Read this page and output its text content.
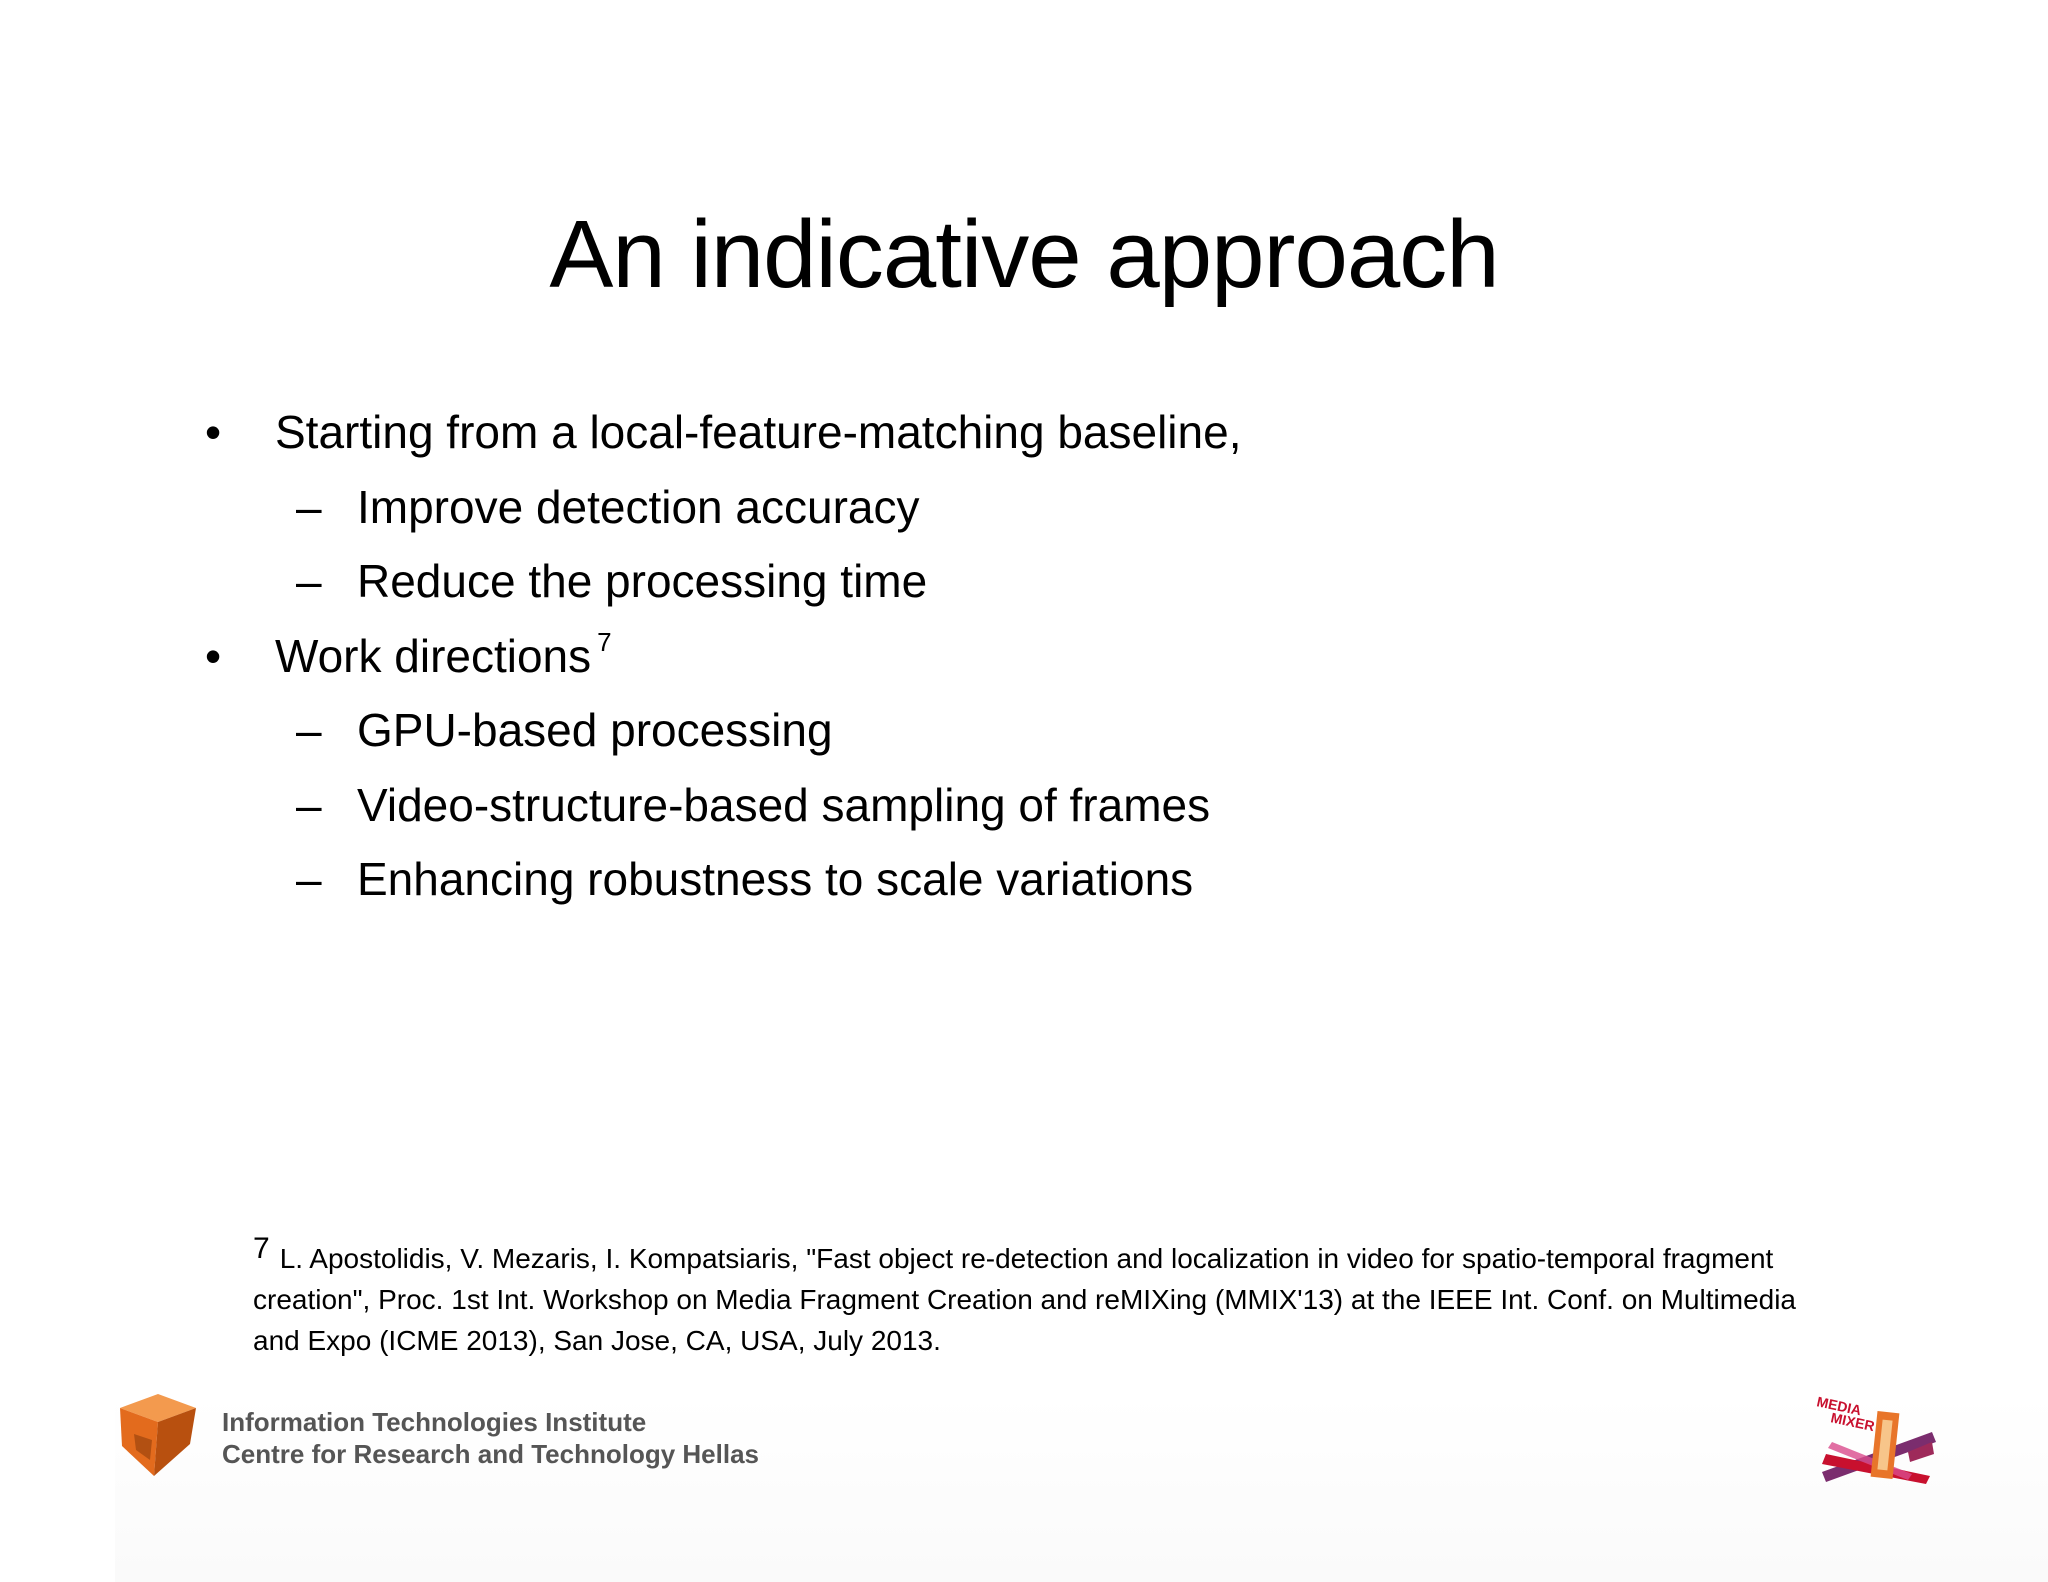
An indicative approach
• Starting from a local-feature-matching baseline,
– Improve detection accuracy
– Reduce the processing time
• Work directions $^7$
– GPU-based processing
– Video-structure-based sampling of frames
– Enhancing robustness to scale variations
7 L. Apostolidis, V. Mezaris, I. Kompatsiaris, "Fast object re-detection and localization in video for spatio-temporal fragment creation", Proc. 1st Int. Workshop on Media Fragment Creation and reMIXing (MMIX'13) at the IEEE Int. Conf. on Multimedia and Expo (ICME 2013), San Jose, CA, USA, July 2013.
Information Technologies Institute
Centre for Research and Technology Hellas
MEDIA
MIXER
